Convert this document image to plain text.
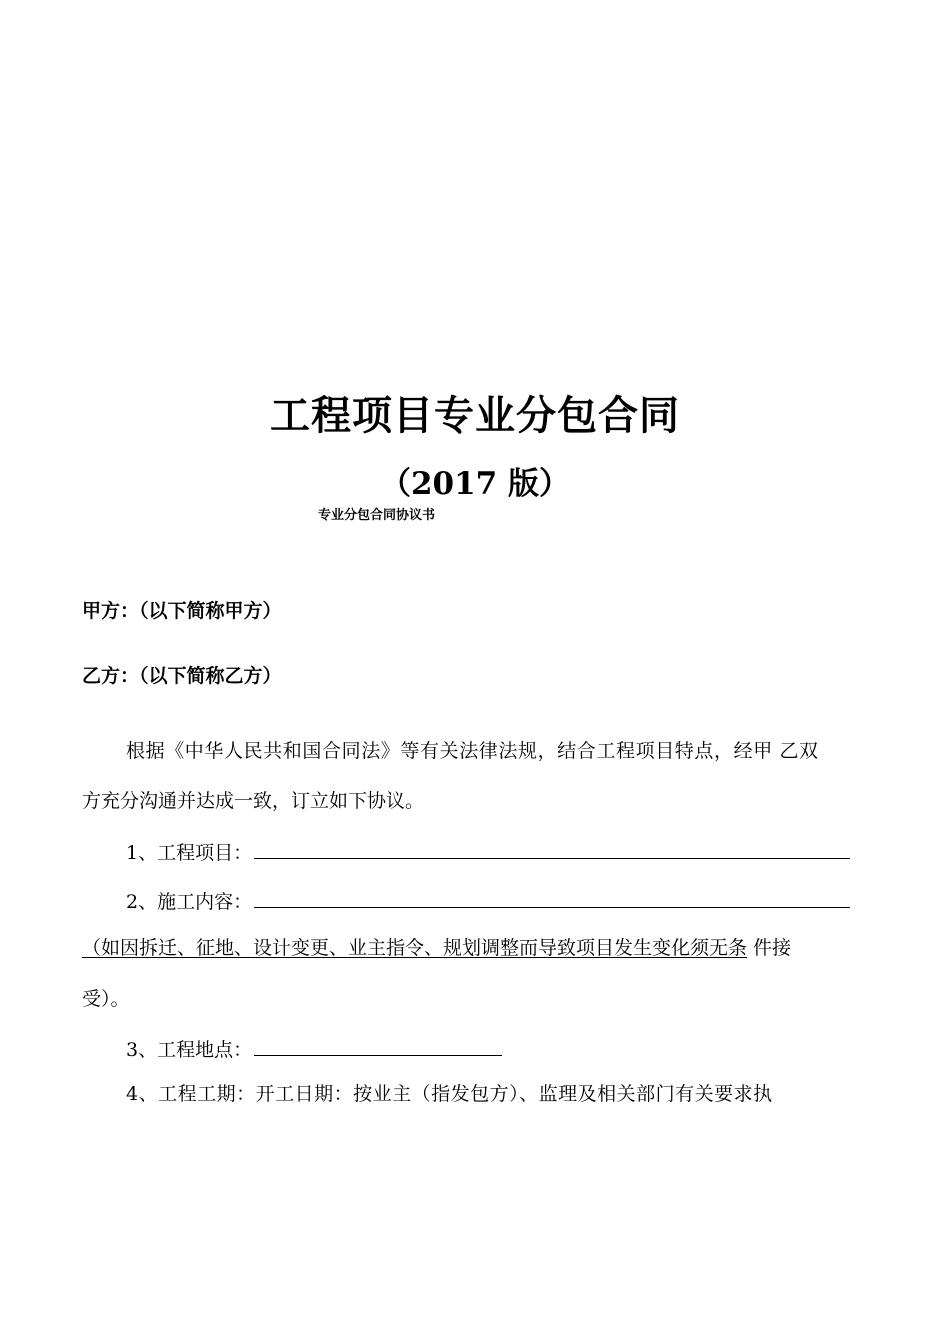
工程项目专业分包合同
（2017 版）
专业分包合同协议书
甲方：（以下简称甲方）
乙方：（以下简称乙方）
根据《中华人民共和国合同法》等有关法律法规，结合工程项目特点，经甲 乙双
方充分沟通并达成一致，订立如下协议。
1、工程项目：
2、施工内容：
（如因拆迁、征地、设计变更、业主指令、规划调整而导致项目发生变化须无条 件接
受）。
3、工程地点：
4、工程工期：开工日期：按业主（指发包方）、监理及相关部门有关要求执
